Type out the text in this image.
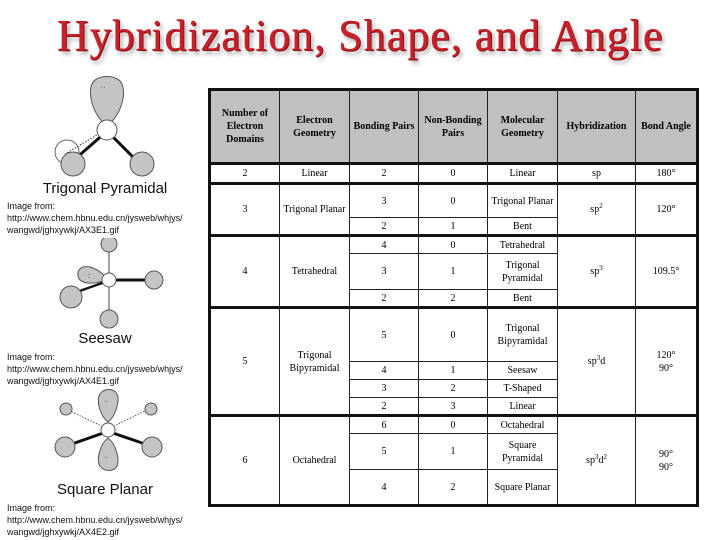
Hybridization, Shape, and Angle
··
Trigonal Pyramidal
Image from:
http://www.chem.hbnu.edu.cn/jysweb/whjys/
wangwd/jghxywkj/AX3E1.gif
:
Seesaw
Image from:
http://www.chem.hbnu.edu.cn/jysweb/whjys/
wangwd/jghxywkj/AX4E1.gif
··
··
Square Planar
Image from:
http://www.chem.hbnu.edu.cn/jysweb/whjys/
wangwd/jghxywkj/AX4E2.gif
Number of Electron Domains	Electron Geometry	Bonding Pairs	Non-Bonding Pairs	Molecular Geometry	Hybridization	Bond Angle
2	Linear	2	0	Linear	sp	180°
3	Trigonal Planar	3	0	Trigonal Planar	$sp^2$	120°
		2	1	Bent		
4	Tetrahedral	4	0	Tetrahedral	$sp^3$	109.5°
		3	1	Trigonal Pyramidal		
		2	2	Bent		
5	Trigonal Bipyramidal	5	0	Trigonal Bipyramidal	$sp^3d$	120°
90°

		4	1	Seesaw		
		3	2	T-Shaped		
		2	3	Linear		
6	Octahedral	6	0	Octahedral	$sp^3d^2$	90°
90°

		5	1	Square Pyramidal		
		4	2	Square Planar		
